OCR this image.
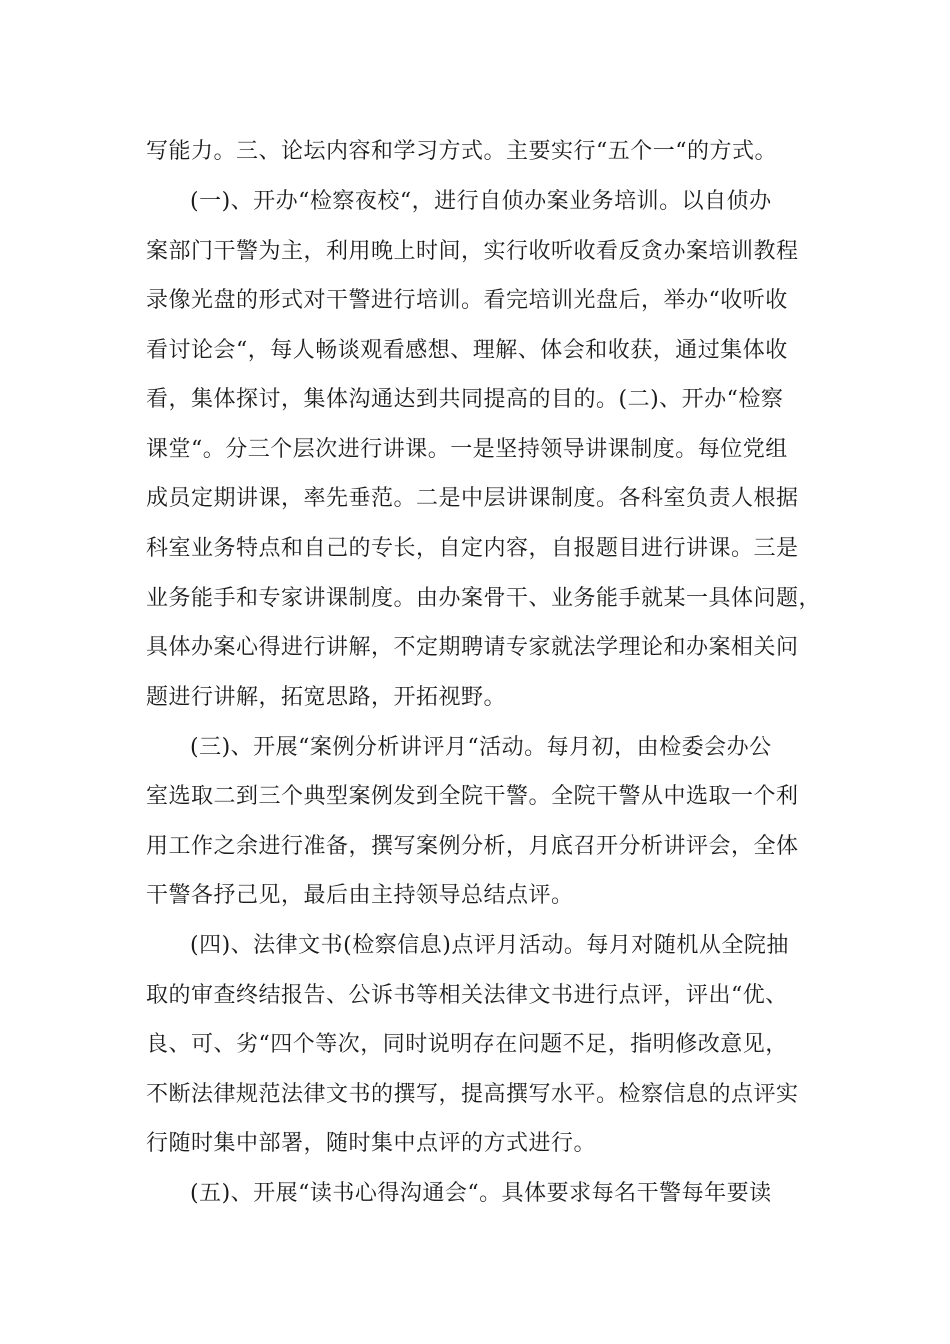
写能力。三、论坛内容和学习方式。主要实行“五个一“的方式。
(一)、开办“检察夜校“，进行自侦办案业务培训。以自侦办
案部门干警为主，利用晚上时间，实行收听收看反贪办案培训教程
录像光盘的形式对干警进行培训。看完培训光盘后，举办“收听收
看讨论会“，每人畅谈观看感想、理解、体会和收获，通过集体收
看，集体探讨，集体沟通达到共同提高的目的。(二)、开办“检察
课堂“。分三个层次进行讲课。一是坚持领导讲课制度。每位党组
成员定期讲课，率先垂范。二是中层讲课制度。各科室负责人根据
科室业务特点和自己的专长，自定内容，自报题目进行讲课。三是
业务能手和专家讲课制度。由办案骨干、业务能手就某一具体问题，
具体办案心得进行讲解，不定期聘请专家就法学理论和办案相关问
题进行讲解，拓宽思路，开拓视野。
(三)、开展“案例分析讲评月“活动。每月初，由检委会办公
室选取二到三个典型案例发到全院干警。全院干警从中选取一个利
用工作之余进行准备，撰写案例分析，月底召开分析讲评会，全体
干警各抒己见，最后由主持领导总结点评。
(四)、法律文书(检察信息)点评月活动。每月对随机从全院抽
取的审查终结报告、公诉书等相关法律文书进行点评，评出“优、
良、可、劣“四个等次，同时说明存在问题不足，指明修改意见，
不断法律规范法律文书的撰写，提高撰写水平。检察信息的点评实
行随时集中部署，随时集中点评的方式进行。
(五)、开展“读书心得沟通会“。具体要求每名干警每年要读
